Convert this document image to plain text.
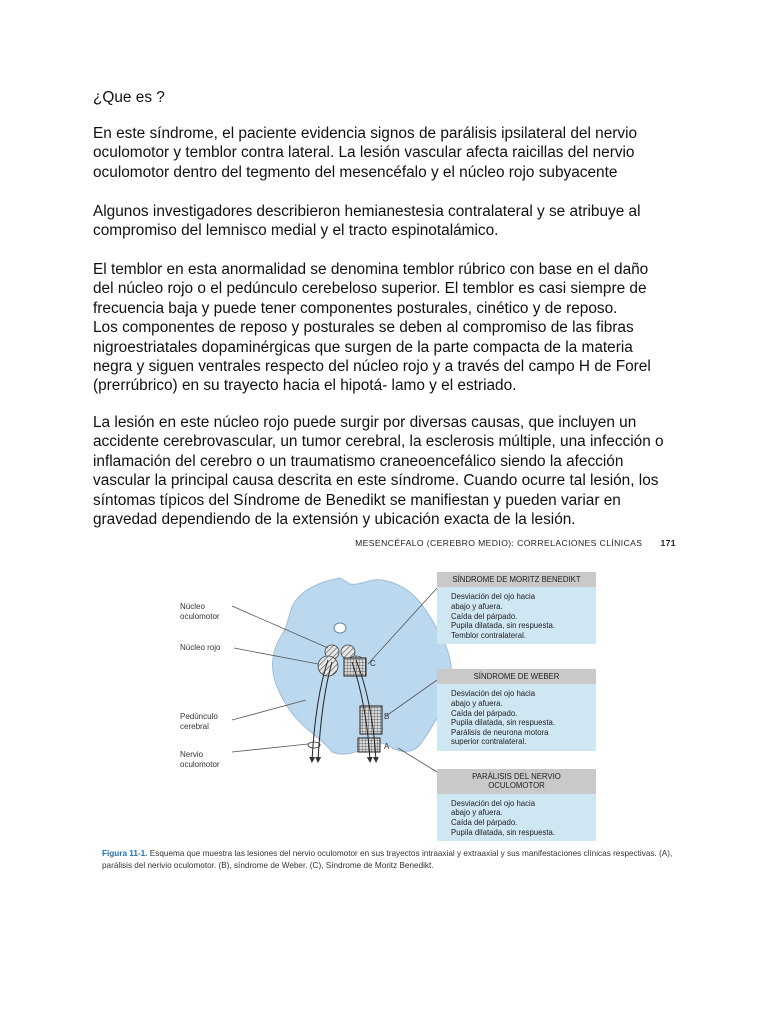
¿Que es ?

En este síndrome, el paciente evidencia signos de parálisis ipsilateral del nervio

oculomotor y temblor contra lateral. La lesión vascular afecta raicillas del nervio

oculomotor dentro del tegmento del mesencéfalo y el núcleo rojo subyacente

Algunos investigadores describieron hemianestesia contralateral y se atribuye al

compromiso del lemnisco medial y el tracto espinotalámico.

El temblor en esta anormalidad se denomina temblor rúbrico con base en el daño

del núcleo rojo o el pedúnculo cerebeloso superior. El temblor es casi siempre de

frecuencia baja y puede tener componentes posturales, cinético y de reposo.

Los componentes de reposo y posturales se deben al compromiso de las fibras

nigroestriatales dopaminérgicas que surgen de la parte compacta de la materia

negra y siguen ventrales respecto del núcleo rojo y a través del campo H de Forel

(prerrúbrico) en su trayecto hacia el hipotá- lamo y el estriado.

La lesión en este núcleo rojo puede surgir por diversas causas, que incluyen un

accidente cerebrovascular, un tumor cerebral, la esclerosis múltiple, una infección o

inflamación del cerebro o un traumatismo craneoencefálico siendo la afección

vascular la principal causa descrita en este síndrome. Cuando ocurre tal lesión, los

síntomas típicos del Síndrome de Benedikt se manifiestan y pueden variar en

gravedad dependiendo de la extensión y ubicación exacta de la lesión.

MESENCÉFALO (CEREBRO MEDIO): CORRELACIONES CLÍNICAS 171
Núcleo
oculomotor
Núcleo rojo
Pedúnculo
cerebral
Nervio
oculomotor
C
B
A
SÍNDROME DE MORITZ BENEDIKT
Desviación del ojo hacia
abajo y afuera.
Caída del párpado.
Pupila dilatada, sin respuesta.
Temblor contralateral.
SÍNDROME DE WEBER
Desviación del ojo hacia
abajo y afuera.
Caída del párpado.
Pupila dilatada, sin respuesta.
Parálisis de neurona motora
superior contralateral.
PARÁLISIS DEL NERVIO
OCULOMOTOR
Desviación del ojo hacia
abajo y afuera.
Caída del párpado.
Pupila dilatada, sin respuesta.
Figura 11-1. Esquema que muestra las lesiones del nervio oculomotor en sus trayectos intraaxial y extraaxial y sus manifestaciones clínicas respectivas. (A), parálisis del nerivio oculomotor. (B), síndrome de Weber. (C), Síndrome de Moritz Benedikt.
